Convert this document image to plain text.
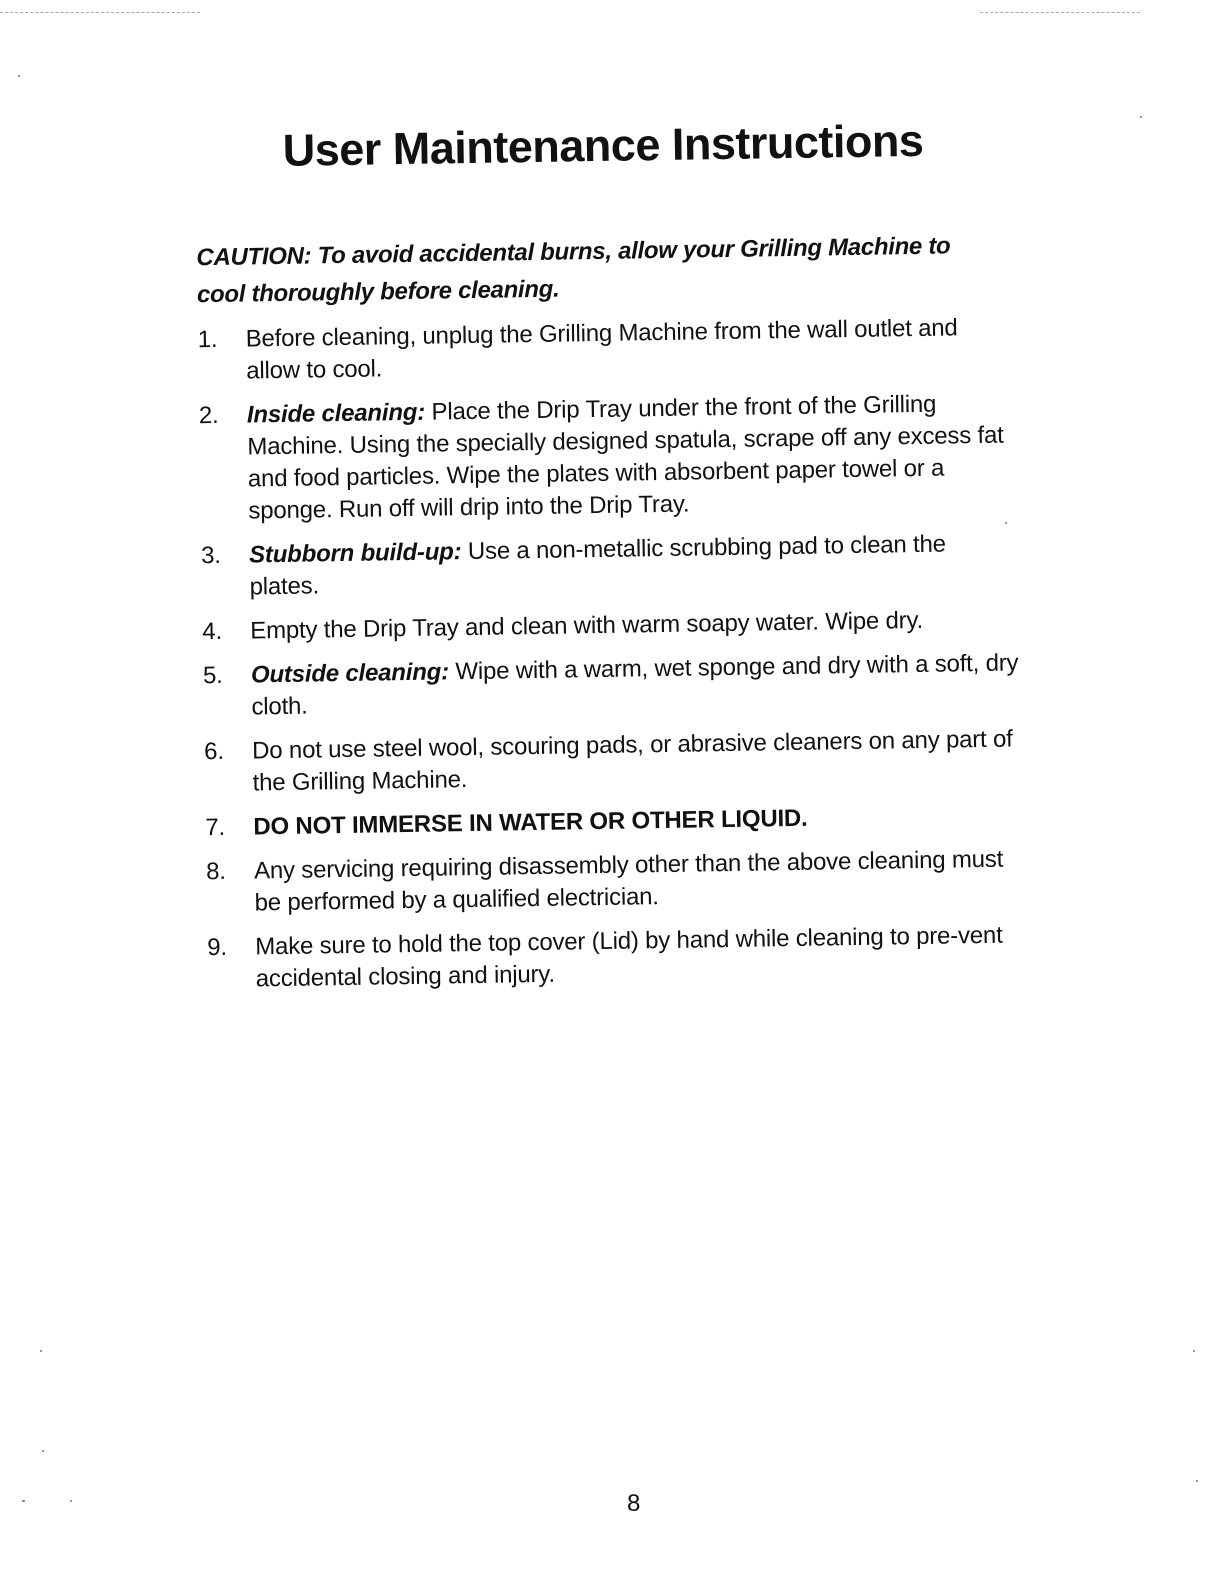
User Maintenance Instructions

CAUTION: To avoid accidental burns, allow your Grilling Machine to cool thoroughly before cleaning.

1.	Before cleaning, unplug the Grilling Machine from the wall outlet and allow to cool.
2.	Inside cleaning: Place the Drip Tray under the front of the Grilling Machine. Using the specially designed spatula, scrape off any excess fat and food particles. Wipe the plates with absorbent paper towel or a sponge. Run off will drip into the Drip Tray.
3.	Stubborn build-up: Use a non-metallic scrubbing pad to clean the plates.
4.	Empty the Drip Tray and clean with warm soapy water. Wipe dry.
5.	Outside cleaning: Wipe with a warm, wet sponge and dry with a soft, dry cloth.
6.	Do not use steel wool, scouring pads, or abrasive cleaners on any part of the Grilling Machine.
7.	DO NOT IMMERSE IN WATER OR OTHER LIQUID.
8.	Any servicing requiring disassembly other than the above cleaning must be performed by a qualified electrician.
9.	Make sure to hold the top cover (Lid) by hand while cleaning to pre-vent accidental closing and injury.
8
